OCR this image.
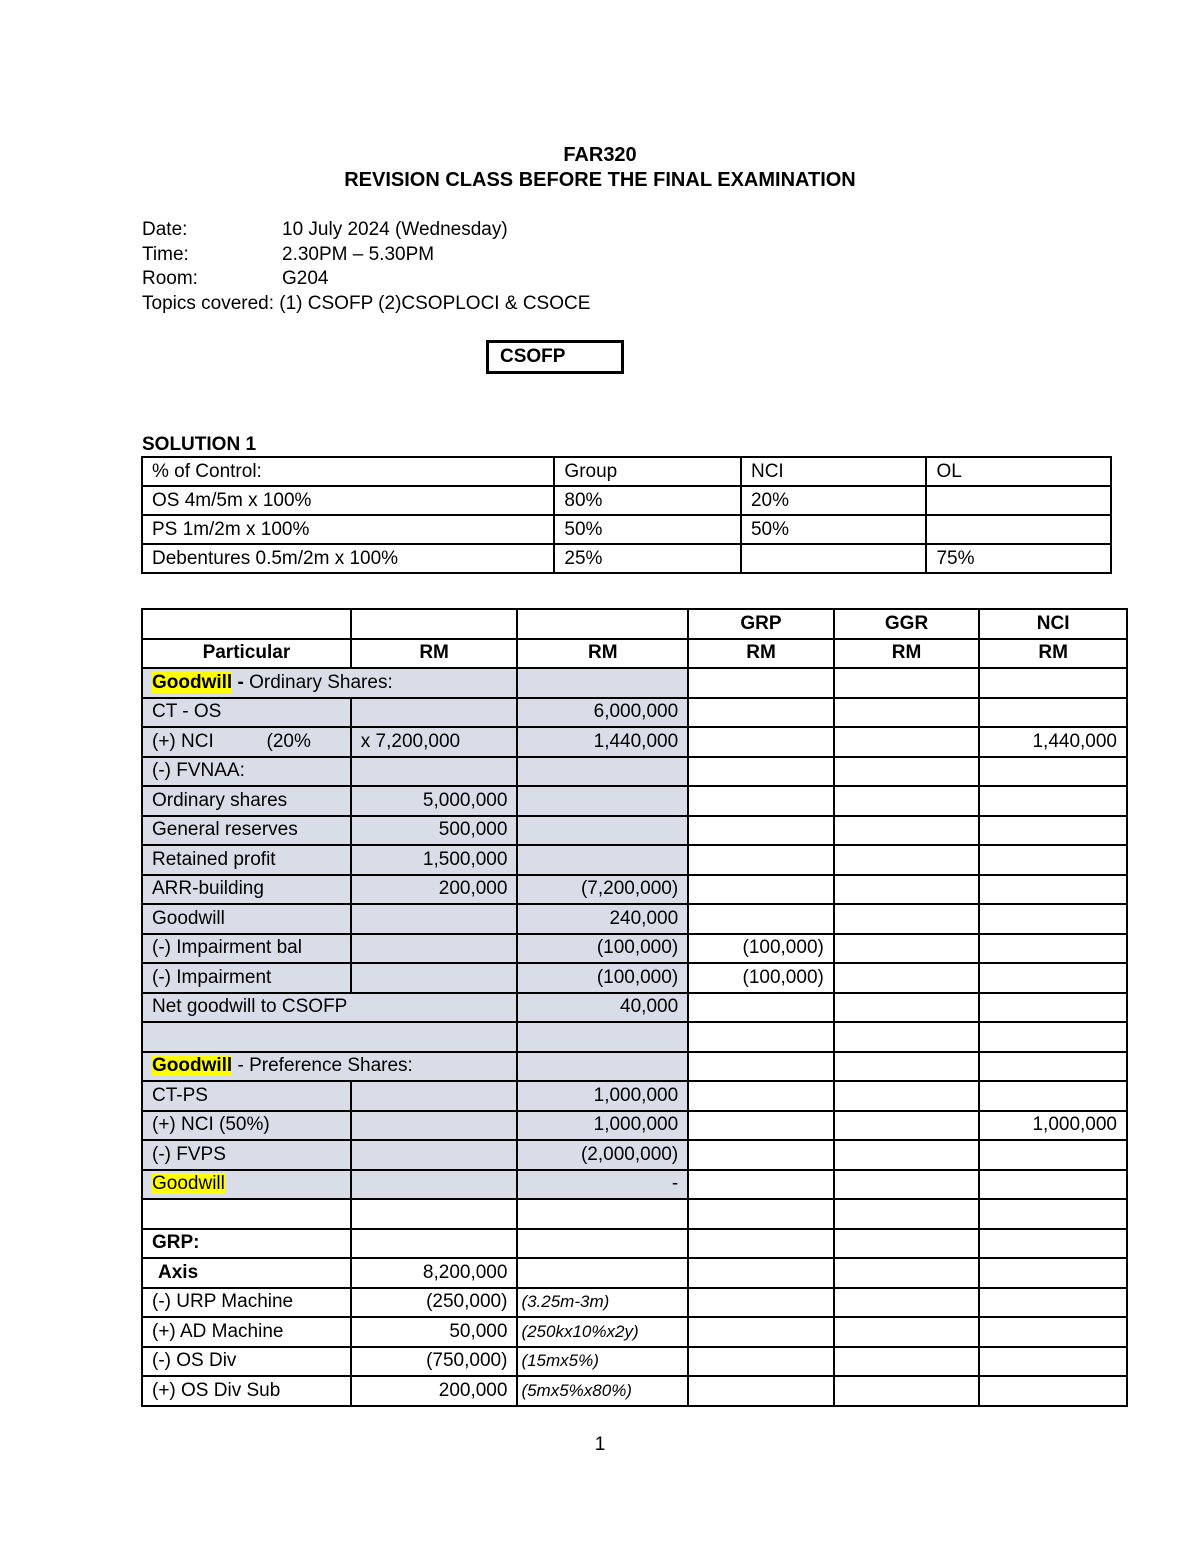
FAR320
REVISION CLASS BEFORE THE FINAL EXAMINATION
Date:	10 July 2024 (Wednesday)
Time:	2.30PM – 5.30PM
Room:	G204
Topics covered: (1) CSOFP (2)CSOPLOCI & CSOCE
CSOFP
SOLUTION 1
% of Control:	Group	NCI	OL
OS 4m/5m x 100%	80%	20%	
PS 1m/2m x 100%	50%	50%	
Debentures 0.5m/2m x 100%	25%		75%
			GRP	GGR	NCI
Particular	RM	RM	RM	RM	RM
Goodwill - Ordinary Shares:					
CT - OS		6,000,000			
(+) NCI          (20%	x 7,200,000	1,440,000			1,440,000
(-) FVNAA:					
Ordinary shares	5,000,000				
General reserves	500,000				
Retained profit	1,500,000				
ARR-building	200,000	(7,200,000)			
Goodwill		240,000			
(-) Impairment bal		(100,000)	(100,000)		
(-) Impairment		(100,000)	(100,000)		
Net goodwill to CSOFP		40,000			

Goodwill - Preference Shares:					
CT-PS		1,000,000			
(+) NCI (50%)		1,000,000			1,000,000
(-) FVPS		(2,000,000)			
Goodwill		-			

GRP:					
Axis	8,200,000				
(-) URP Machine	(250,000)	(3.25m-3m)			
(+) AD Machine	50,000	(250kx10%x2y)			
(-) OS Div	(750,000)	(15mx5%)			
(+) OS Div Sub	200,000	(5mx5%x80%)			
1
